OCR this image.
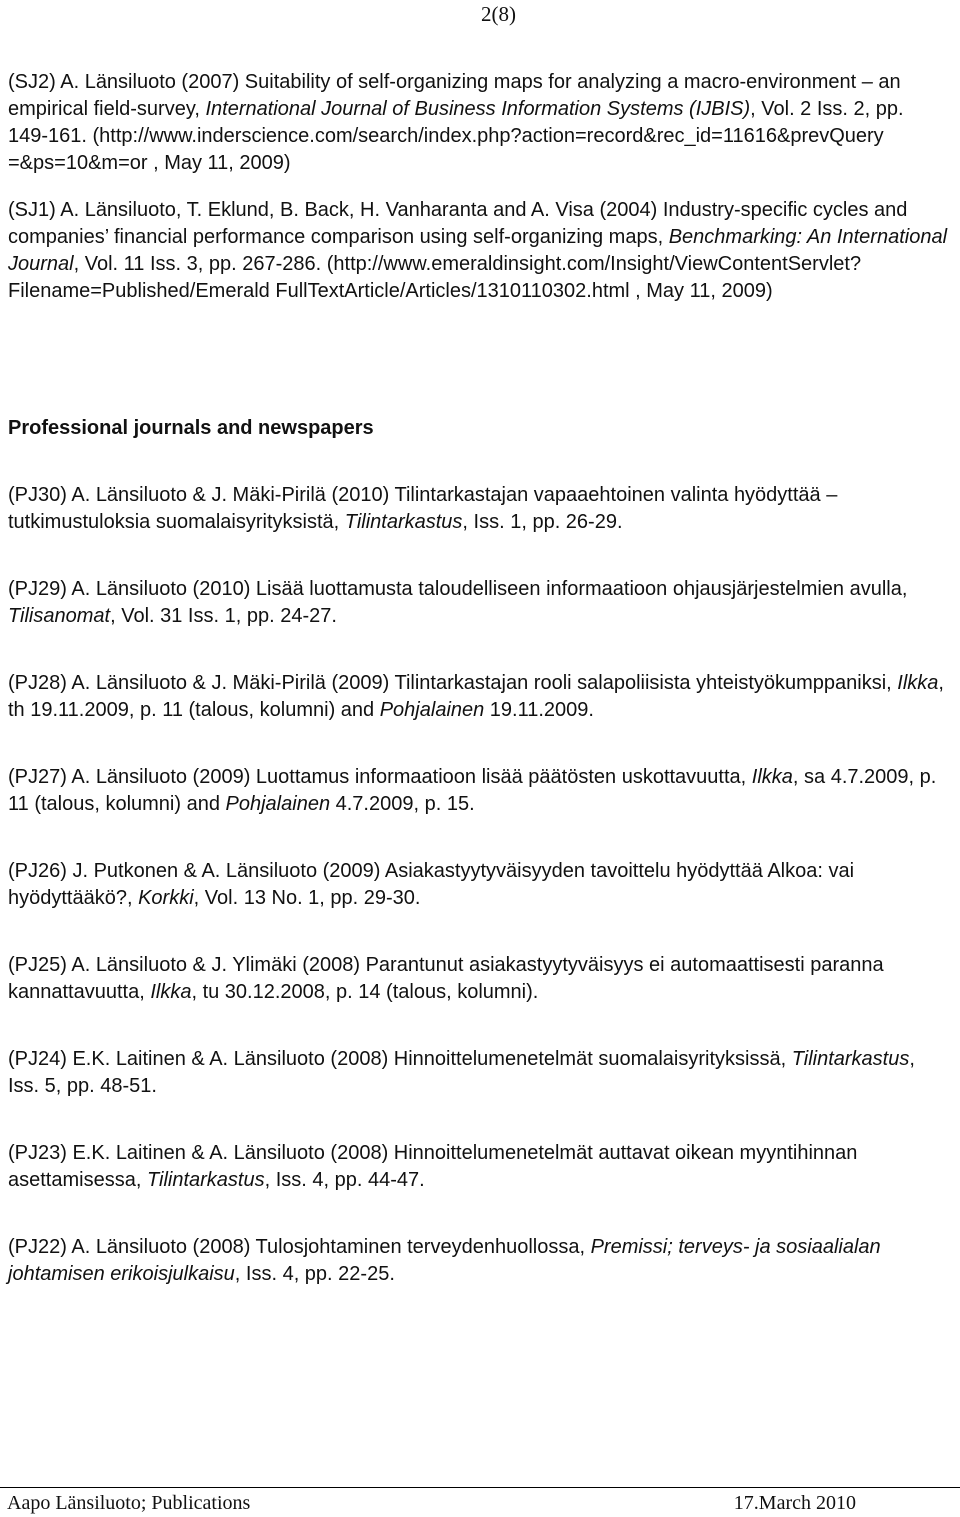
2(8)

(SJ2) A. Länsiluoto (2007) Suitability of self-organizing maps for analyzing a macro-environment – an empirical field-survey, International Journal of Business Information Systems (IJBIS), Vol. 2 Iss. 2, pp. 149-161. (http://www.inderscience.com/search/index.php?action=record&rec_id=11616&prevQuery =&ps=10&m=or , May 11, 2009)

(SJ1) A. Länsiluoto, T. Eklund, B. Back, H. Vanharanta and A. Visa (2004) Industry-specific cycles and companies’ financial performance comparison using self-organizing maps, Benchmarking: An International Journal, Vol. 11 Iss. 3, pp. 267-286. (http://www.emeraldinsight.com/Insight/ViewContentServlet?Filename=Published/Emerald FullTextArticle/Articles/1310110302.html , May 11, 2009)

Professional journals and newspapers

(PJ30) A. Länsiluoto & J. Mäki-Pirilä (2010) Tilintarkastajan vapaaehtoinen valinta hyödyttää – tutkimustuloksia suomalaisyrityksistä, Tilintarkastus, Iss. 1, pp. 26-29.

(PJ29) A. Länsiluoto (2010) Lisää luottamusta taloudelliseen informaatioon ohjausjärjestelmien avulla, Tilisanomat, Vol. 31 Iss. 1, pp. 24-27.

(PJ28) A. Länsiluoto & J. Mäki-Pirilä (2009) Tilintarkastajan rooli salapoliisista yhteistyökumppaniksi, Ilkka, th 19.11.2009, p. 11 (talous, kolumni) and Pohjalainen 19.11.2009.

(PJ27) A. Länsiluoto (2009) Luottamus informaatioon lisää päätösten uskottavuutta, Ilkka, sa 4.7.2009, p. 11 (talous, kolumni) and Pohjalainen 4.7.2009, p. 15.

(PJ26) J. Putkonen & A. Länsiluoto (2009) Asiakastyytyväisyyden tavoittelu hyödyttää Alkoa: vai hyödyttääkö?, Korkki, Vol. 13 No. 1, pp. 29-30.

(PJ25) A. Länsiluoto & J. Ylimäki (2008) Parantunut asiakastyytyväisyys ei automaattisesti paranna kannattavuutta, Ilkka, tu 30.12.2008, p. 14 (talous, kolumni).

(PJ24) E.K. Laitinen & A. Länsiluoto (2008) Hinnoittelumenetelmät suomalaisyrityksissä, Tilintarkastus, Iss. 5, pp. 48-51.

(PJ23) E.K. Laitinen & A. Länsiluoto (2008) Hinnoittelumenetelmät auttavat oikean myyntihinnan asettamisessa, Tilintarkastus, Iss. 4, pp. 44-47.

(PJ22) A. Länsiluoto (2008) Tulosjohtaminen terveydenhuollossa, Premissi; terveys- ja sosiaalialan johtamisen erikoisjulkaisu, Iss. 4, pp. 22-25.

Aapo Länsiluoto; Publications	17.March 2010
